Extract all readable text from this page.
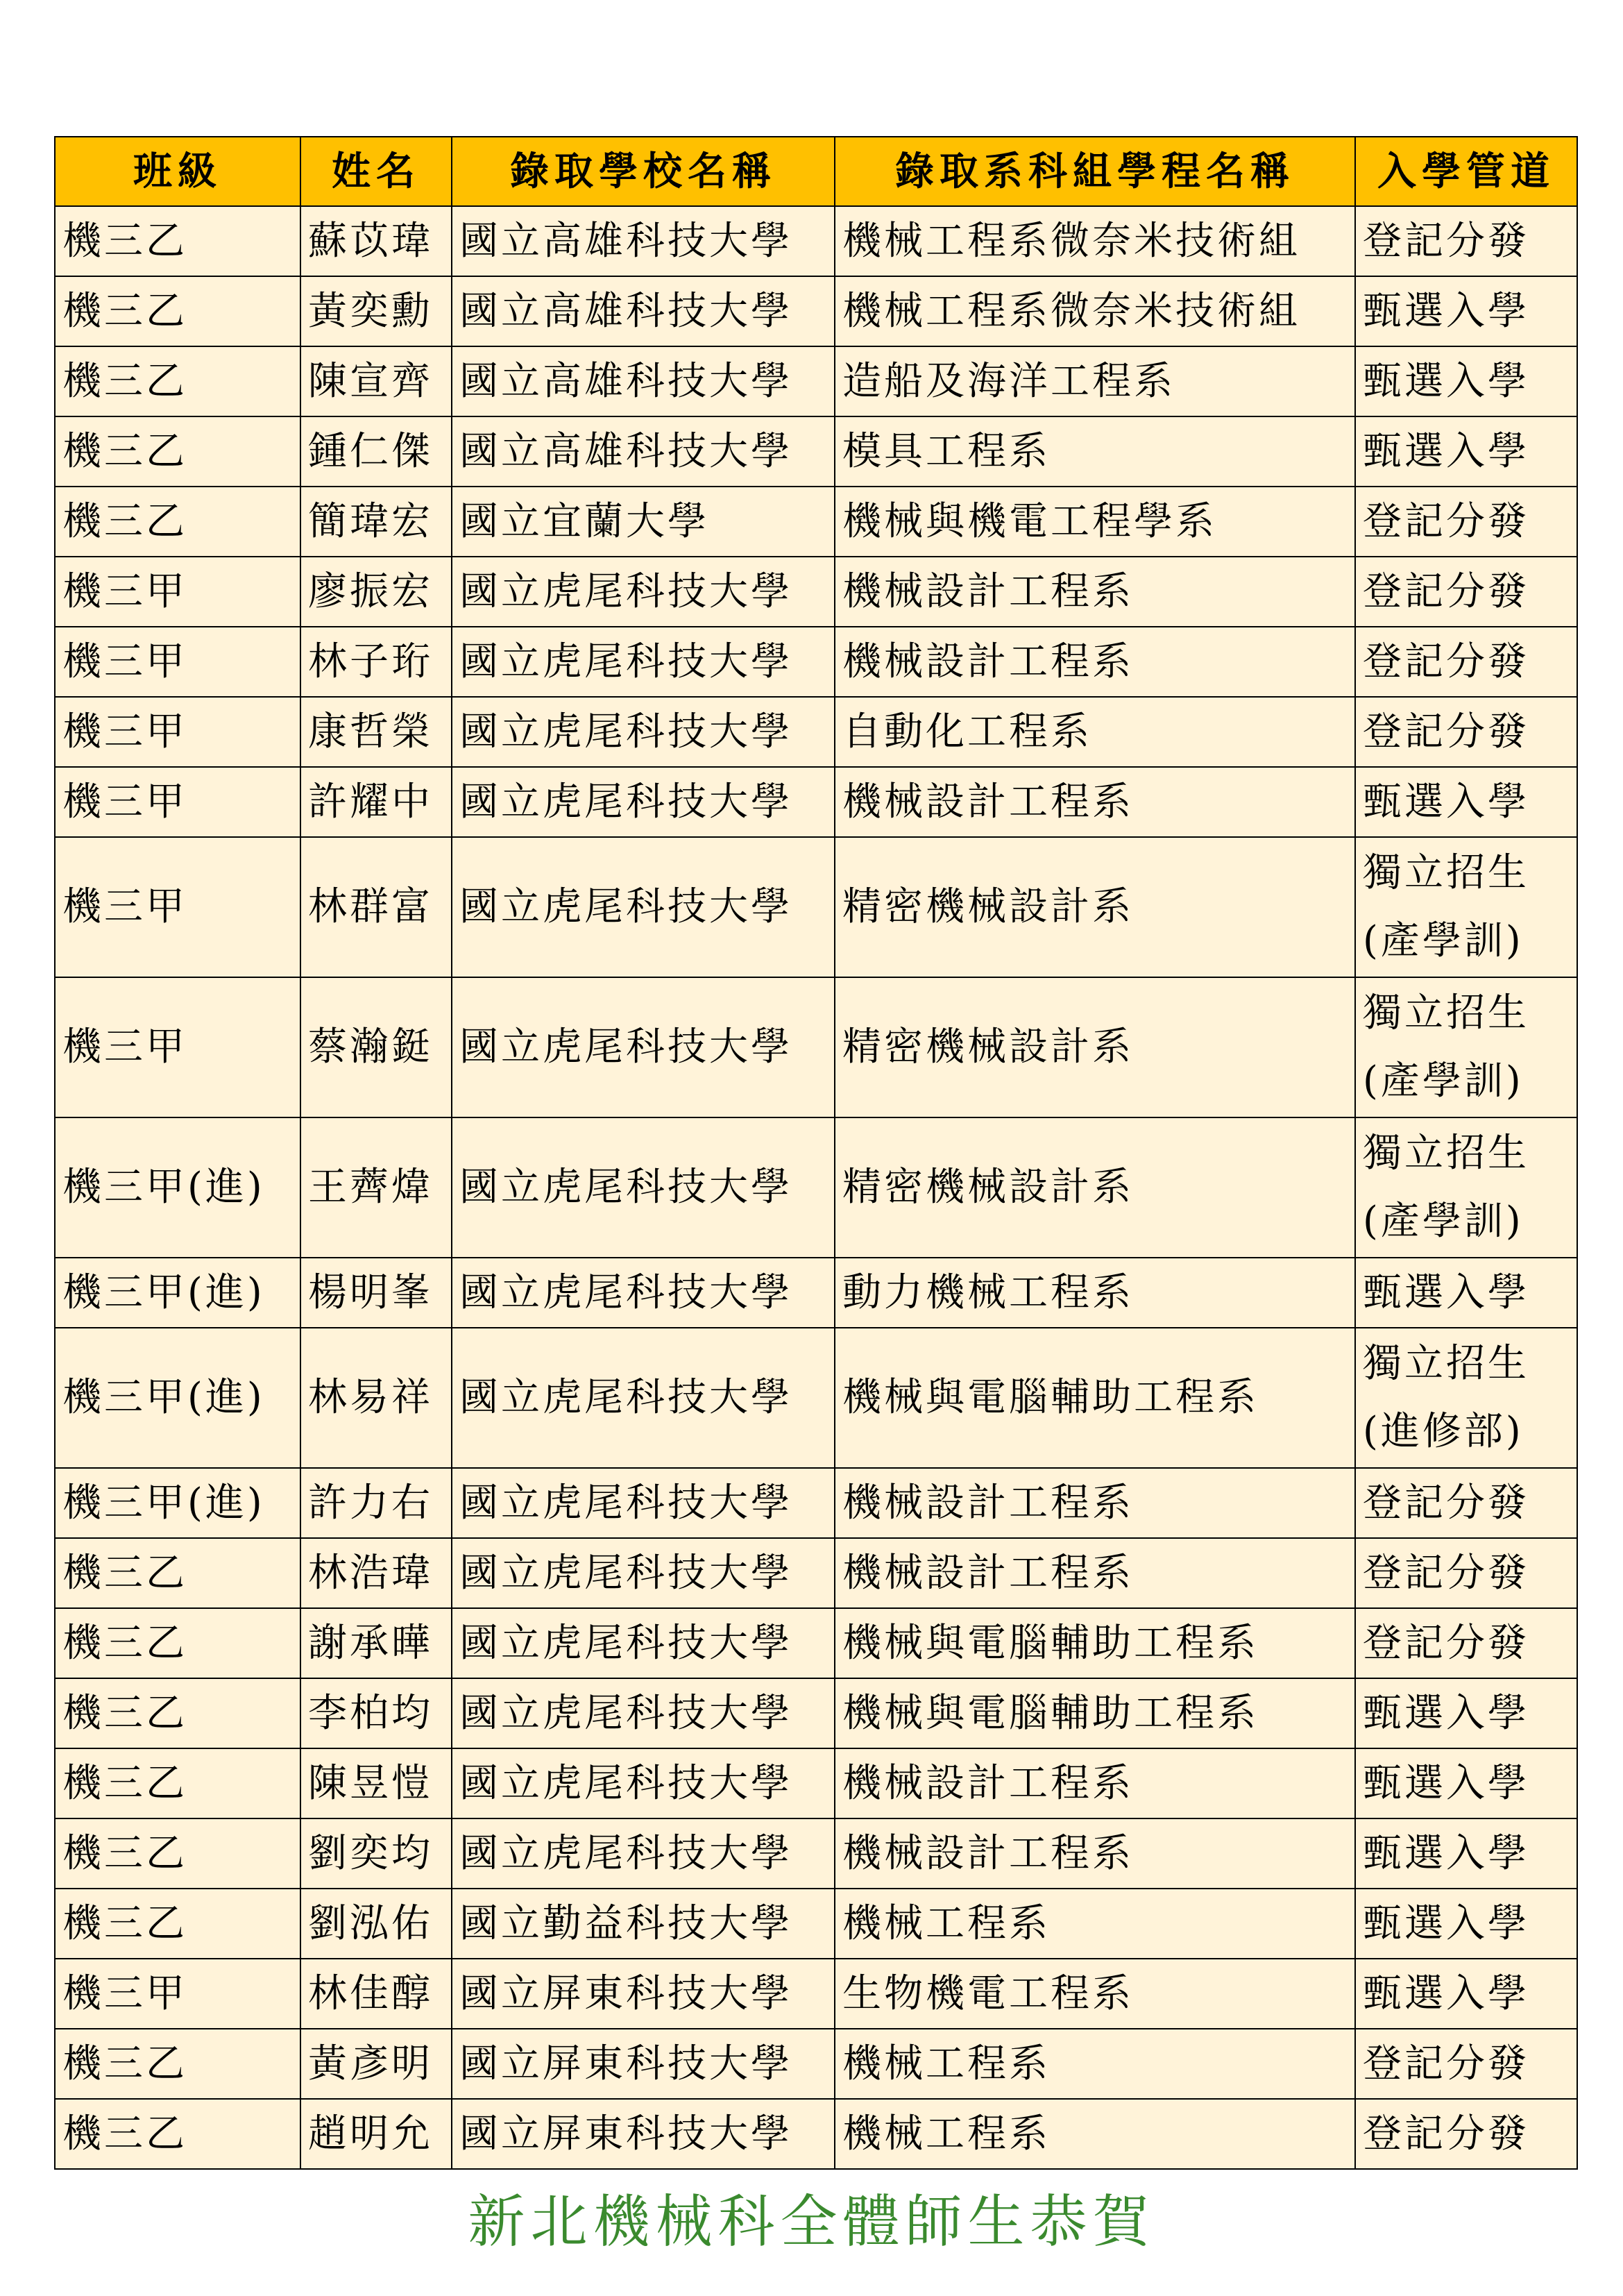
班級	姓名	錄取學校名稱	錄取系科組學程名稱	入學管道
機三乙	蘇苡瑋	國立高雄科技大學	機械工程系微奈米技術組	登記分發

機三乙	黃奕勳	國立高雄科技大學	機械工程系微奈米技術組	甄選入學

機三乙	陳宣齊	國立高雄科技大學	造船及海洋工程系	甄選入學

機三乙	鍾仁傑	國立高雄科技大學	模具工程系	甄選入學

機三乙	簡瑋宏	國立宜蘭大學	機械與機電工程學系	登記分發

機三甲	廖振宏	國立虎尾科技大學	機械設計工程系	登記分發

機三甲	林子珩	國立虎尾科技大學	機械設計工程系	登記分發

機三甲	康哲榮	國立虎尾科技大學	自動化工程系	登記分發

機三甲	許耀中	國立虎尾科技大學	機械設計工程系	甄選入學

機三甲	林群富	國立虎尾科技大學	精密機械設計系	獨立招生
(產學訓)

機三甲	蔡瀚鋌	國立虎尾科技大學	精密機械設計系	獨立招生
(產學訓)

機三甲(進)	王薺煒	國立虎尾科技大學	精密機械設計系	獨立招生
(產學訓)

機三甲(進)	楊明峯	國立虎尾科技大學	動力機械工程系	甄選入學

機三甲(進)	林易祥	國立虎尾科技大學	機械與電腦輔助工程系	獨立招生
(進修部)

機三甲(進)	許力右	國立虎尾科技大學	機械設計工程系	登記分發

機三乙	林浩瑋	國立虎尾科技大學	機械設計工程系	登記分發

機三乙	謝承曄	國立虎尾科技大學	機械與電腦輔助工程系	登記分發

機三乙	李柏均	國立虎尾科技大學	機械與電腦輔助工程系	甄選入學

機三乙	陳昱愷	國立虎尾科技大學	機械設計工程系	甄選入學

機三乙	劉奕均	國立虎尾科技大學	機械設計工程系	甄選入學

機三乙	劉泓佑	國立勤益科技大學	機械工程系	甄選入學

機三甲	林佳醇	國立屏東科技大學	生物機電工程系	甄選入學

機三乙	黃彥明	國立屏東科技大學	機械工程系	登記分發

機三乙	趙明允	國立屏東科技大學	機械工程系	登記分發
新北機械科全體師生恭賀
